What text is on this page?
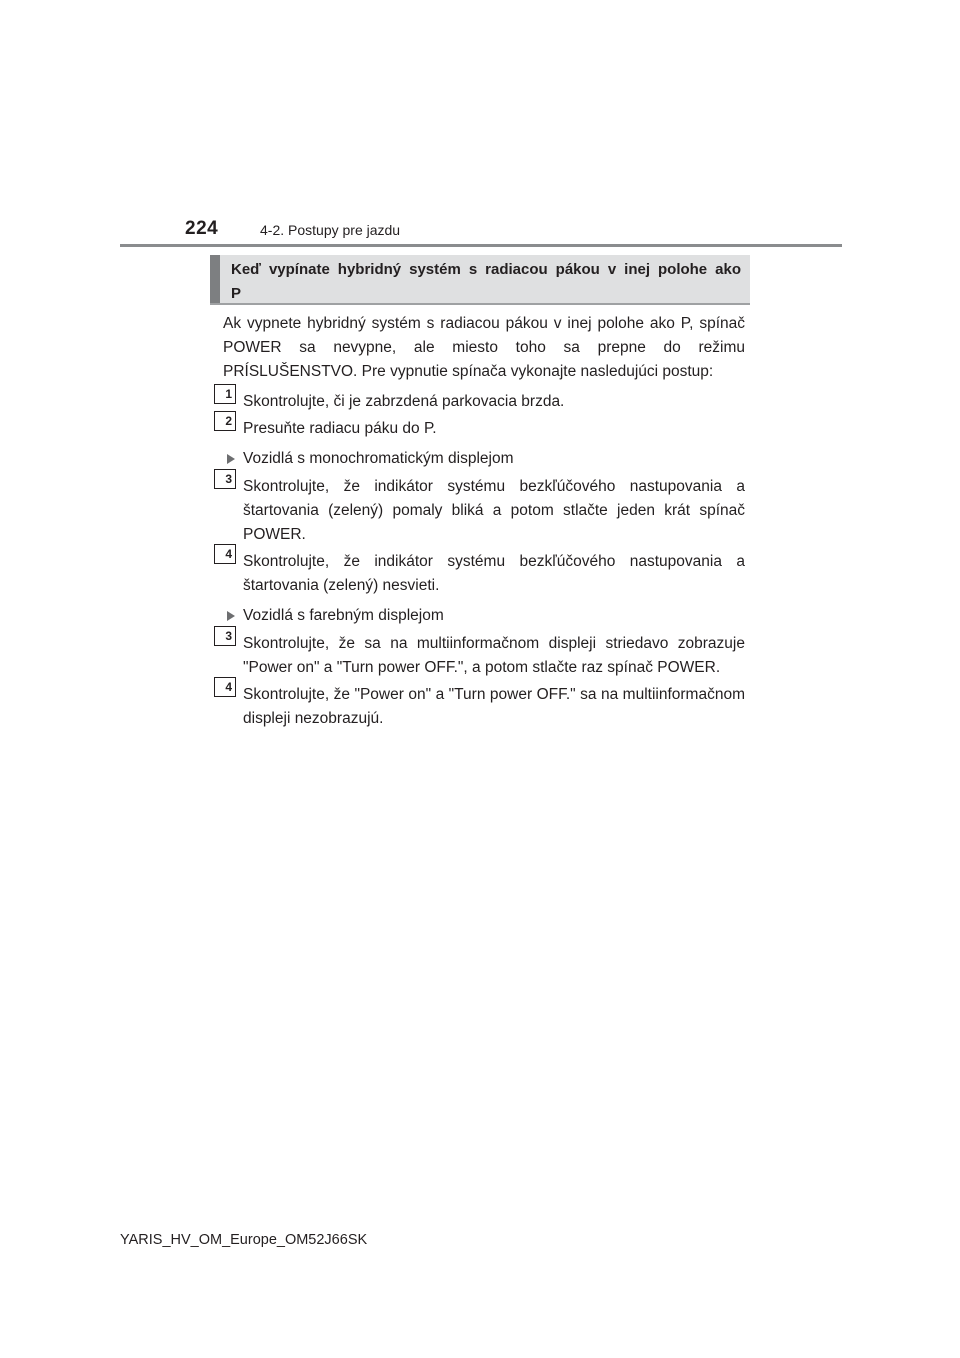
224	4-2. Postupy pre jazdu
Keď vypínate hybridný systém s radiacou pákou v inej polohe ako P

Ak vypnete hybridný systém s radiacou pákou v inej polohe ako P, spínač POWER sa nevypne, ale miesto toho sa prepne do režimu PRÍSLUŠENSTVO. Pre vypnutie spínača vykonajte nasledujúci postup:

1 Skontrolujte, či je zabrzdená parkovacia brzda.
2 Presuňte radiacu páku do P.
Vozidlá s monochromatickým displejom
3 Skontrolujte, že indikátor systému bezkľúčového nastupovania a štartovania (zelený) pomaly bliká a potom stlačte jeden krát spínač POWER.
4 Skontrolujte, že indikátor systému bezkľúčového nastupovania a štartovania (zelený) nesvieti.
Vozidlá s farebným displejom
3 Skontrolujte, že sa na multiinformačnom displeji striedavo zobrazuje "Power on" a "Turn power OFF.", a potom stlačte raz spínač POWER.
4 Skontrolujte, že "Power on" a "Turn power OFF." sa na multiinformačnom displeji nezobrazujú.
YARIS_HV_OM_Europe_OM52J66SK
